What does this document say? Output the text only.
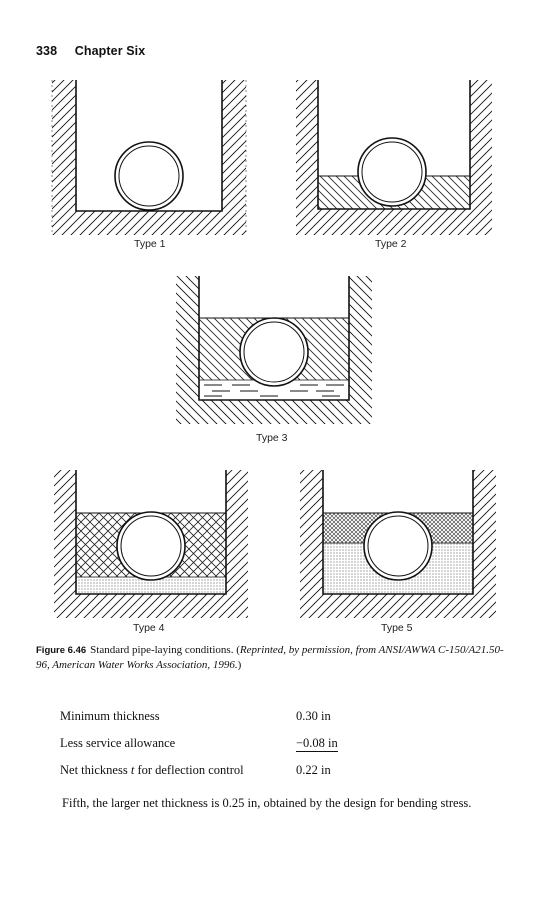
338 Chapter Six
Type 1	Type 2
Type 3
Type 4	Type 5
Figure 6.46 Standard pipe-laying conditions. (Reprinted, by permission, from ANSI/AWWA C-150/A21.50-96, American Water Works Association, 1996.)
Minimum thickness	0.30 in
Less service allowance	−0.08 in
Net thickness t for deflection control	0.22 in

Fifth, the larger net thickness is 0.25 in, obtained by the design for bending stress.
